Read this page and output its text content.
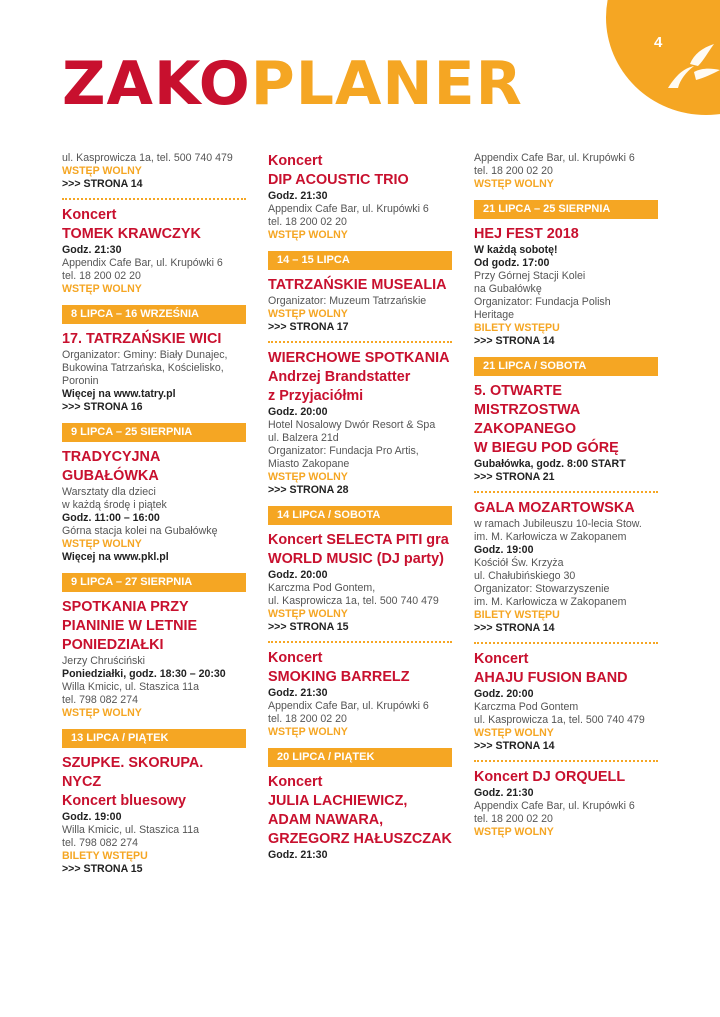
4
ZAKOPLANER
ul. Kasprowicza 1a, tel. 500 740 479
WSTĘP WOLNY
>>> STRONA 14
Koncert
TOMEK KRAWCZYK
Godz. 21:30
Appendix Cafe Bar, ul. Krupówki 6
tel. 18 200 02 20
WSTĘP WOLNY
8 LIPCA – 16 WRZEŚNIA
17. TATRZAŃSKIE WICI
Organizator: Gminy: Biały Dunajec,
Bukowina Tatrzańska, Kościelisko,
Poronin
Więcej na www.tatry.pl
>>> STRONA 16
9 LIPCA – 25 SIERPNIA
TRADYCYJNA
GUBAŁÓWKA
Warsztaty dla dzieci
w każdą środę i piątek
Godz. 11:00 – 16:00
Górna stacja kolei na Gubałówkę
WSTĘP WOLNY
Więcej na www.pkl.pl
9 LIPCA – 27 SIERPNIA
SPOTKANIA PRZY
PIANINIE W LETNIE
PONIEDZIAŁKI
Jerzy Chruściński
Poniedziałki, godz. 18:30 – 20:30
Willa Kmicic, ul. Staszica 11a
tel. 798 082 274
WSTĘP WOLNY
13 LIPCA / PIĄTEK
SZUPKE. SKORUPA. NYCZ
Koncert bluesowy
Godz. 19:00
Willa Kmicic, ul. Staszica 11a
tel. 798 082 274
BILETY WSTĘPU
>>> STRONA 15
Koncert
DIP ACOUSTIC TRIO
Godz. 21:30
Appendix Cafe Bar, ul. Krupówki 6
tel. 18 200 02 20
WSTĘP WOLNY
14 – 15 LIPCA
TATRZAŃSKIE MUSEALIA
Organizator: Muzeum Tatrzańskie
WSTĘP WOLNY
>>> STRONA 17
WIERCHOWE SPOTKANIA
Andrzej Brandstatter
z Przyjaciółmi
Godz. 20:00
Hotel Nosalowy Dwór Resort & Spa
ul. Balzera 21d
Organizator: Fundacja Pro Artis,
Miasto Zakopane
WSTĘP WOLNY
>>> STRONA 28
14 LIPCA / SOBOTA
Koncert SELECTA PITI gra
WORLD MUSIC (DJ party)
Godz. 20:00
Karczma Pod Gontem,
ul. Kasprowicza 1a, tel. 500 740 479
WSTĘP WOLNY
>>> STRONA 15
Koncert
SMOKING BARRELZ
Godz. 21:30
Appendix Cafe Bar, ul. Krupówki 6
tel. 18 200 02 20
WSTĘP WOLNY
20 LIPCA / PIĄTEK
Koncert
JULIA LACHIEWICZ,
ADAM NAWARA,
GRZEGORZ HAŁUSZCZAK
Godz. 21:30
Appendix Cafe Bar, ul. Krupówki 6
tel. 18 200 02 20
WSTĘP WOLNY
21 LIPCA – 25 SIERPNIA
HEJ FEST 2018
W każdą sobotę!
Od godz. 17:00
Przy Górnej Stacji Kolei
na Gubałówkę
Organizator: Fundacja Polish
Heritage
BILETY WSTĘPU
>>> STRONA 14
21 LIPCA / SOBOTA
5. OTWARTE
MISTRZOSTWA
ZAKOPANEGO
W BIEGU POD GÓRĘ
Gubałówka, godz. 8:00 START
>>> STRONA 21
GALA MOZARTOWSKA
w ramach Jubileuszu 10-lecia Stow.
im. M. Karłowicza w Zakopanem
Godz. 19:00
Kościół Św. Krzyża
ul. Chałubińskiego 30
Organizator: Stowarzyszenie
im. M. Karłowicza w Zakopanem
BILETY WSTĘPU
>>> STRONA 14
Koncert
AHAJU FUSION BAND
Godz. 20:00
Karczma Pod Gontem
ul. Kasprowicza 1a, tel. 500 740 479
WSTĘP WOLNY
>>> STRONA 14
Koncert DJ ORQUELL
Godz. 21:30
Appendix Cafe Bar, ul. Krupówki 6
tel. 18 200 02 20
WSTĘP WOLNY
